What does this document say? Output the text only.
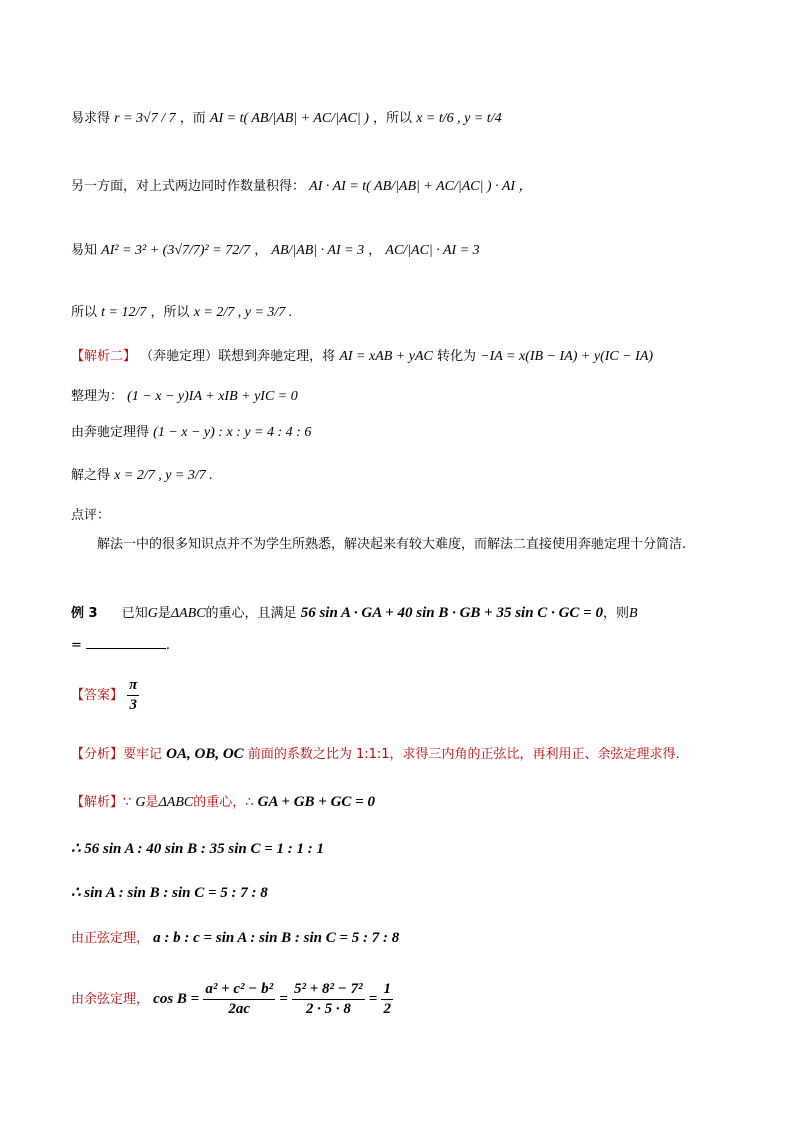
易求得 r = 3√7 / 7 ，而 AI = t( AB/|AB| + AC/|AC| ) ，所以 x = t/6 , y = t/4
另一方面，对上式两边同时作数量积得： AI · AI = t( AB/|AB| + AC/|AC| ) · AI ，
易知 AI² = 3² + (3√7/7)² = 72/7 ， AB/|AB| · AI = 3 ， AC/|AC| · AI = 3
所以 t = 12/7 ，所以 x = 2/7 , y = 3/7 .
【解析二】 （奔驰定理）联想到奔驰定理，将 AI = xAB + yAC 转化为 −IA = x(IB − IA) + y(IC − IA)
整理为： (1 − x − y)IA + xIB + yIC = 0
由奔驰定理得 (1 − x − y) : x : y = 4 : 4 : 6
解之得 x = 2/7 , y = 3/7 .
点评：
解法一中的很多知识点并不为学生所熟悉，解决起来有较大难度，而解法二直接使用奔驰定理十分简洁.
例 3 已知G是ΔABC的重心，且满足 56 sin A · GA + 40 sin B · GB + 35 sin C · GC = 0，则B
=	.
【答案】 $\frac{\pi}{3}$
【分析】要牢记 OA, OB, OC 前面的系数之比为 1:1:1，求得三内角的正弦比，再利用正、余弦定理求得.
【解析】∵ G是ΔABC的重心，∴ GA + GB + GC = 0
∴ 56 sin A : 40 sin B : 35 sin C = 1 : 1 : 1
∴ sin A : sin B : sin C = 5 : 7 : 8
由正弦定理， a : b : c = sin A : sin B : sin C = 5 : 7 : 8
由余弦定理， $\cos B = \frac{\text{a² + c² − b²}}{2ac} = \frac{\text{5² + 8² − 7²}}{2 \cdot 5 \cdot 8} = \frac{1}{2}$
